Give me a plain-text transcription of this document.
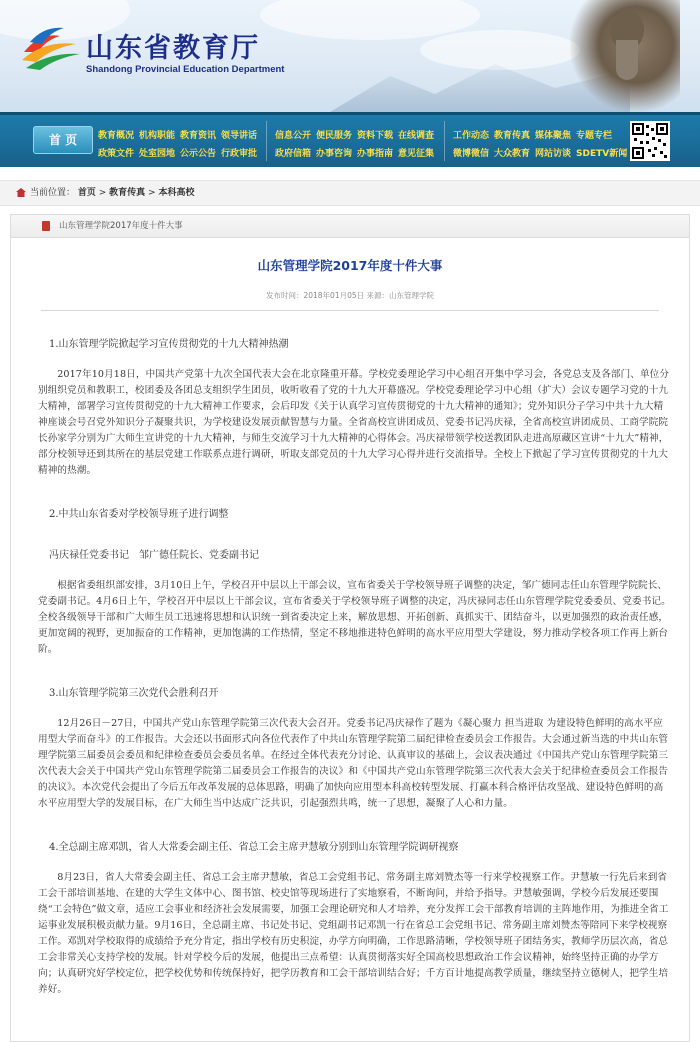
山东省教育厅
Shandong Provincial Education Department
首 页	教育概况 机构职能 教育资讯 领导讲话
政策文件 处室园地 公示公告 行政审批
信息公开 便民服务 资料下载 在线调查
政府信箱 办事咨询 办事指南 意见征集
工作动态 教育传真 媒体聚焦 专题专栏
微博微信 大众教育 网站访谈 SDETV新闻
当前位置： 首页 > 教育传真 > 本科高校
山东管理学院2017年度十件大事
山东管理学院2017年度十件大事
发布时间：2018年01月05日 来源：山东管理学院
1.山东管理学院掀起学习宣传贯彻党的十九大精神热潮
2017年10月18日，中国共产党第十九次全国代表大会在北京隆重开幕。学校党委理论学习中心组召开集中学习会，各党总支及各部门、单位分别组织党员和教职工，校团委及各团总支组织学生团员，收听收看了党的十九大开幕盛况。学校党委理论学习中心组（扩大）会议专题学习党的十九大精神，部署学习宣传贯彻党的十九大精神工作要求，会后印发《关于认真学习宣传贯彻党的十九大精神的通知》；党外知识分子学习中共十九大精神座谈会号召党外知识分子凝聚共识，为学校建设发展贡献智慧与力量。全省高校宣讲团成员、党委书记冯庆禄，全省高校宣讲团成员、工商学院院长孙家学分别为广大师生宣讲党的十九大精神，与师生交流学习十九大精神的心得体会。冯庆禄带领学校送教团队走进高原藏区宣讲“十九大”精神，部分校领导还到其所在的基层党建工作联系点进行调研，听取支部党员的十九大学习心得并进行交流指导。全校上下掀起了学习宣传贯彻党的十九大精神的热潮。
2.中共山东省委对学校领导班子进行调整
冯庆禄任党委书记　邹广德任院长、党委副书记
根据省委组织部安排，3月10日上午，学校召开中层以上干部会议，宣布省委关于学校领导班子调整的决定，邹广德同志任山东管理学院院长、党委副书记。4月6日上午，学校召开中层以上干部会议，宣布省委关于学校领导班子调整的决定，冯庆禄同志任山东管理学院党委委员、党委书记。全校各级领导干部和广大师生员工迅速将思想和认识统一到省委决定上来，解放思想、开拓创新、真抓实干、团结奋斗，以更加强烈的政治责任感，更加宽阔的视野，更加振奋的工作精神，更加饱满的工作热情，坚定不移地推进特色鲜明的高水平应用型大学建设，努力推动学校各项工作再上新台阶。
3.山东管理学院第三次党代会胜利召开
12月26日－27日，中国共产党山东管理学院第三次代表大会召开。党委书记冯庆禄作了题为《凝心聚力 担当进取 为建设特色鲜明的高水平应用型大学而奋斗》的工作报告。大会还以书面形式向各位代表作了中共山东管理学院第二届纪律检查委员会工作报告。大会通过新当选的中共山东管理学院第三届委员会委员和纪律检查委员会委员名单。在经过全体代表充分讨论、认真审议的基础上，会议表决通过《中国共产党山东管理学院第三次代表大会关于中国共产党山东管理学院第二届委员会工作报告的决议》和《中国共产党山东管理学院第三次代表大会关于纪律检查委员会工作报告的决议》。本次党代会提出了今后五年改革发展的总体思路，明确了加快向应用型本科高校转型发展、打赢本科合格评估攻坚战、建设特色鲜明的高水平应用型大学的发展目标，在广大师生当中达成广泛共识，引起强烈共鸣，统一了思想，凝聚了人心和力量。
4.全总副主席邓凯，省人大常委会副主任、省总工会主席尹慧敏分别到山东管理学院调研视察
8月23日，省人大常委会副主任、省总工会主席尹慧敏，省总工会党组书记、常务副主席刘赞杰等一行来学校视察工作。尹慧敏一行先后来到省工会干部培训基地、在建的大学生文体中心、图书馆、校史馆等现场进行了实地察看，不断询问，并给予指导。尹慧敏强调，学校今后发展还要围绕“工会特色”做文章，适应工会事业和经济社会发展需要，加强工会理论研究和人才培养，充分发挥工会干部教育培训的主阵地作用，为推进全省工运事业发展积极贡献力量。9月16日，全总副主席、书记处书记、党组副书记邓凯一行在省总工会党组书记、常务副主席刘赞杰等陪同下来学校视察工作。邓凯对学校取得的成绩给予充分肯定，指出学校有历史积淀，办学方向明确，工作思路清晰，学校领导班子团结务实，教师学历层次高，省总工会非常关心支持学校的发展。针对学校今后的发展，他提出三点希望：认真贯彻落实好全国高校思想政治工作会议精神，始终坚持正确的办学方向；认真研究好学校定位，把学校优势和传统保持好，把学历教育和工会干部培训结合好；千方百计地提高教学质量，继续坚持立德树人，把学生培养好。
